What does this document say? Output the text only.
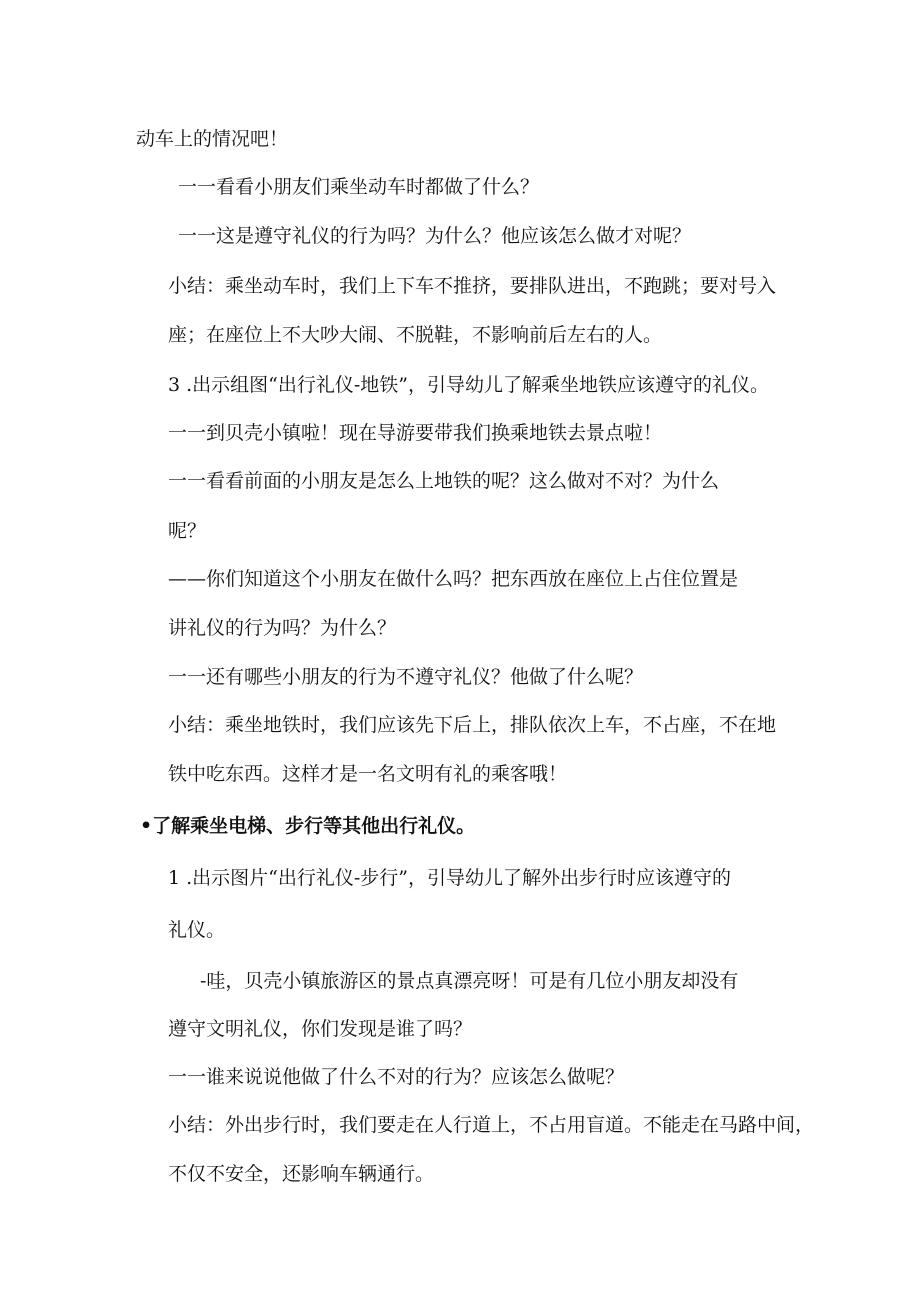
动车上的情况吧！

一一看看小朋友们乘坐动车时都做了什么？

一一这是遵守礼仪的行为吗？为什么？他应该怎么做才对呢？

小结：乘坐动车时，我们上下车不推挤，要排队进出，不跑跳；要对号入

座；在座位上不大吵大闹、不脱鞋，不影响前后左右的人。

3 .出示组图“出行礼仪-地铁”，引导幼儿了解乘坐地铁应该遵守的礼仪。

一一到贝壳小镇啦！现在导游要带我们换乘地铁去景点啦！

一一看看前面的小朋友是怎么上地铁的呢？这么做对不对？为什么

呢？

——你们知道这个小朋友在做什么吗？把东西放在座位上占住位置是

讲礼仪的行为吗？为什么？

一一还有哪些小朋友的行为不遵守礼仪？他做了什么呢？

小结：乘坐地铁时，我们应该先下后上，排队依次上车，不占座，不在地

铁中吃东西。这样才是一名文明有礼的乘客哦！

•了解乘坐电梯、步行等其他出行礼仪。

1 .出示图片“出行礼仪-步行”，引导幼儿了解外出步行时应该遵守的

礼仪。

-哇，贝壳小镇旅游区的景点真漂亮呀！可是有几位小朋友却没有

遵守文明礼仪，你们发现是谁了吗？

一一谁来说说他做了什么不对的行为？应该怎么做呢？

小结：外出步行时，我们要走在人行道上，不占用盲道。不能走在马路中间，

不仅不安全，还影响车辆通行。
